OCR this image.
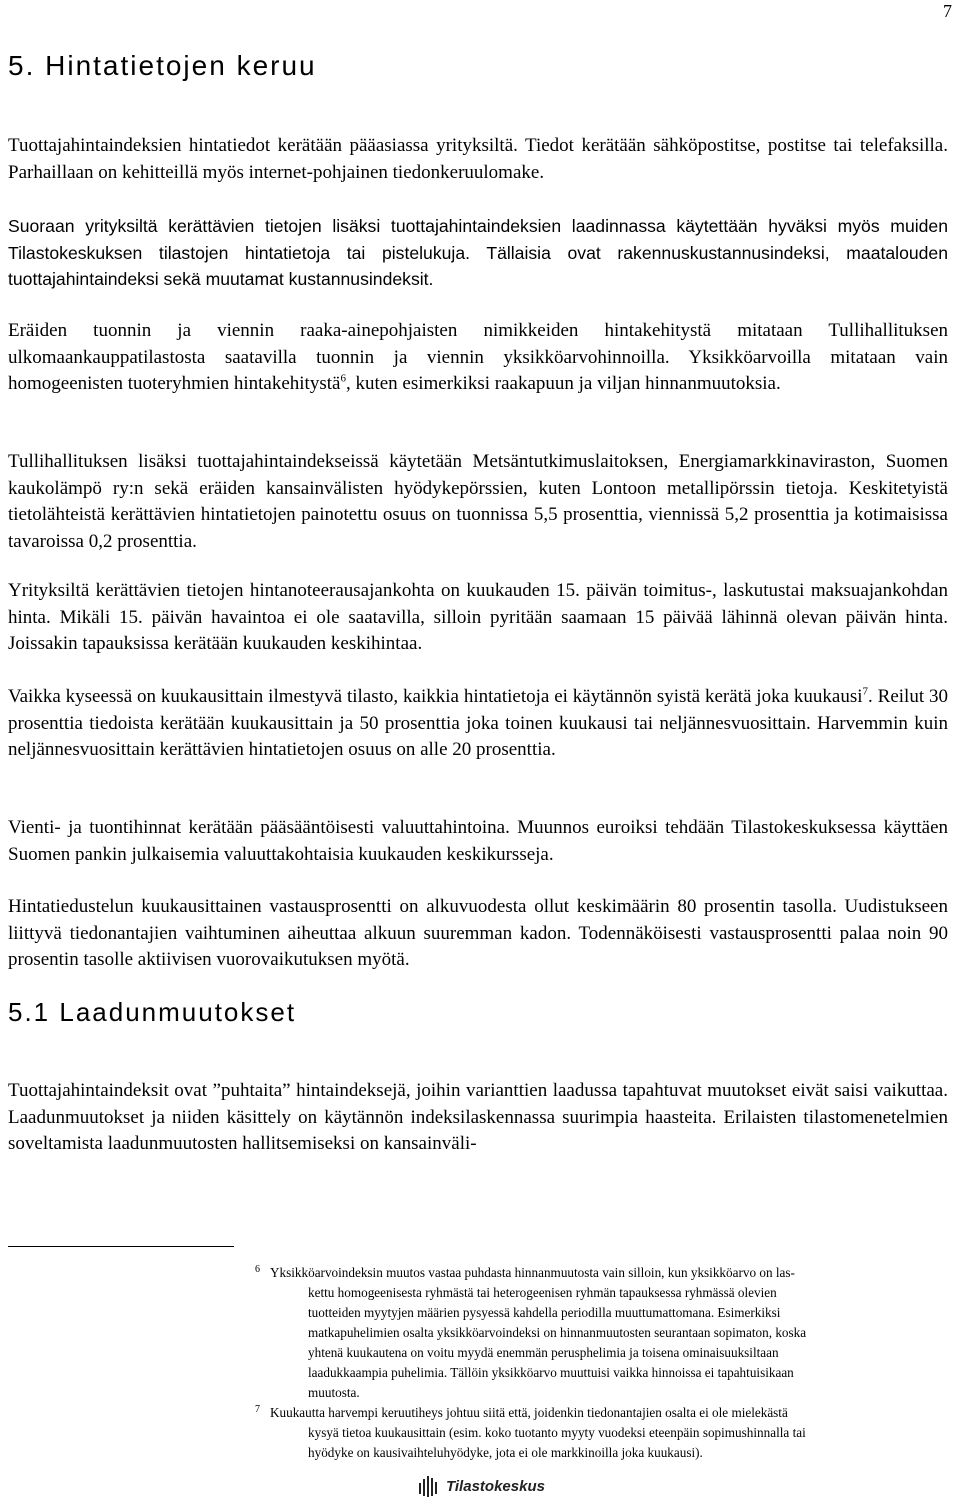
7
5. Hintatietojen keruu

Tuottajahintaindeksien hintatiedot kerätään pääasiassa yrityksiltä. Tiedot kerätään sähköpostitse, postitse tai telefaksilla. Parhaillaan on kehitteillä myös internet-pohjainen tiedonkeruulomake.

Suoraan yrityksiltä kerättävien tietojen lisäksi tuottajahintaindeksien laadinnassa käytettään hyväksi myös muiden Tilastokeskuksen tilastojen hintatietoja tai pistelukuja. Tällaisia ovat rakennuskustannusindeksi, maatalouden tuottajahintaindeksi sekä muutamat kustannusindeksit.

Eräiden tuonnin ja viennin raaka-ainepohjaisten nimikkeiden hintakehitystä mitataan Tullihallituksen ulkomaankauppatilastosta saatavilla tuonnin ja viennin yksikköarvohinnoilla. Yksikköarvoilla mitataan vain homogeenisten tuoteryhmien hintakehitystä$^6$, kuten esimerkiksi raakapuun ja viljan hinnanmuutoksia.

Tullihallituksen lisäksi tuottajahintaindekseissä käytetään Metsäntutkimuslaitoksen, Energiamarkkinaviraston, Suomen kaukolämpö ry:n sekä eräiden kansainvälisten hyödykepörssien, kuten Lontoon metallipörssin tietoja. Keskitetyistä tietolähteistä kerättävien hintatietojen painotettu osuus on tuonnissa 5,5 prosenttia, viennissä 5,2 prosenttia ja kotimaisissa tavaroissa 0,2 prosenttia.

Yrityksiltä kerättävien tietojen hintanoteerausajankohta on kuukauden 15. päivän toimitus-, laskutustai maksuajankohdan hinta. Mikäli 15. päivän havaintoa ei ole saatavilla, silloin pyritään saamaan 15 päivää lähinnä olevan päivän hinta. Joissakin tapauksissa kerätään kuukauden keskihintaa.

Vaikka kyseessä on kuukausittain ilmestyvä tilasto, kaikkia hintatietoja ei käytännön syistä kerätä joka kuukausi$^7$. Reilut 30 prosenttia tiedoista kerätään kuukausittain ja 50 prosenttia joka toinen kuukausi tai neljännesvuosittain. Harvemmin kuin neljännesvuosittain kerättävien hintatietojen osuus on alle 20 prosenttia.

Vienti- ja tuontihinnat kerätään pääsääntöisesti valuuttahintoina. Muunnos euroiksi tehdään Tilastokeskuksessa käyttäen Suomen pankin julkaisemia valuuttakohtaisia kuukauden keskikursseja.

Hintatiedustelun kuukausittainen vastausprosentti on alkuvuodesta ollut keskimäärin 80 prosentin tasolla. Uudistukseen liittyvä tiedonantajien vaihtuminen aiheuttaa alkuun suuremman kadon. Todennäköisesti vastausprosentti palaa noin 90 prosentin tasolle aktiivisen vuorovaikutuksen myötä.

5.1 Laadunmuutokset

Tuottajahintaindeksit ovat ”puhtaita” hintaindeksejä, joihin varianttien laadussa tapahtuvat muutokset eivät saisi vaikuttaa. Laadunmuutokset ja niiden käsittely on käytännön indeksilaskennassa suurimpia haasteita. Erilaisten tilastomenetelmien soveltamista laadunmuutosten hallitsemiseksi on kansainväli-

6 Yksikköarvoindeksin muutos vastaa puhdasta hinnanmuutosta vain silloin, kun yksikköarvo on las-
kettu homogeenisesta ryhmästä tai heterogeenisen ryhmän tapauksessa ryhmässä olevien
tuotteiden myytyjen määrien pysyessä kahdella periodilla muuttumattomana. Esimerkiksi
matkapuhelimien osalta yksikköarvoindeksi on hinnanmuutosten seurantaan sopimaton, koska
yhtenä kuukautena on voitu myydä enemmän perusphelimia ja toisena ominaisuuksiltaan
laadukkaampia puhelimia. Tällöin yksikköarvo muuttuisi vaikka hinnoissa ei tapahtuisikaan
muutosta.
7 Kuukautta harvempi keruutiheys johtuu siitä että, joidenkin tiedonantajien osalta ei ole mielekästä
kysyä tietoa kuukausittain (esim. koko tuotanto myyty vuodeksi eteenpäin sopimushinnalla tai
hyödyke on kausivaihteluhyödyke, jota ei ole markkinoilla joka kuukausi).
Tilastokeskus
